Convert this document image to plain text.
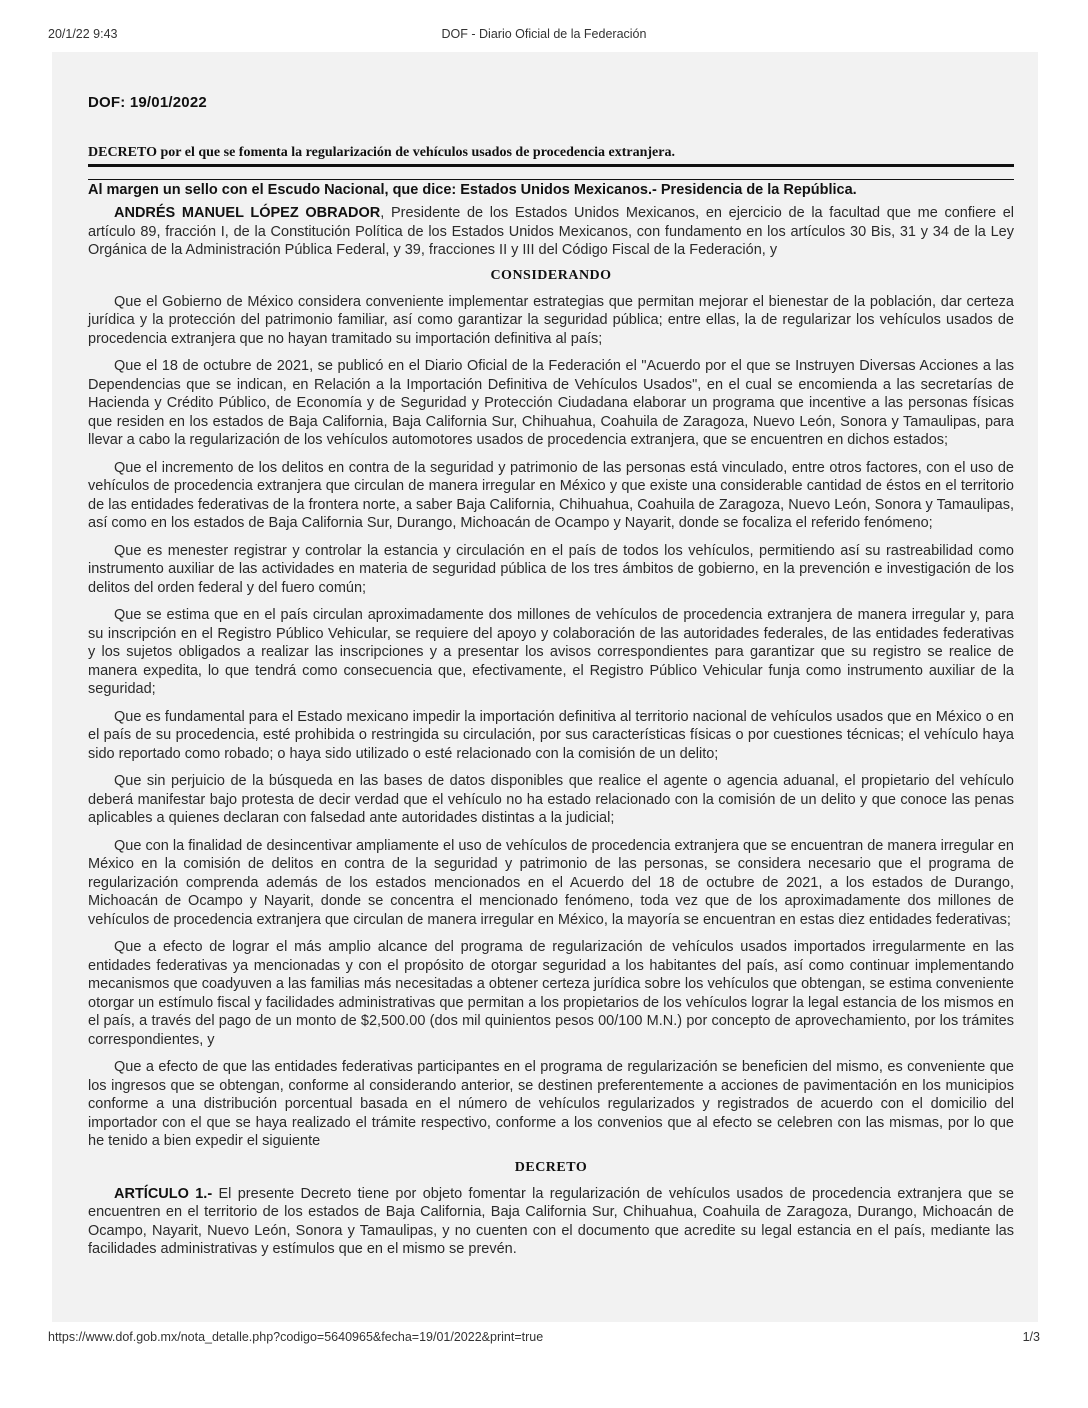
20/1/22 9:43	DOF - Diario Oficial de la Federación
DOF: 19/01/2022
DECRETO por el que se fomenta la regularización de vehículos usados de procedencia extranjera.
Al margen un sello con el Escudo Nacional, que dice: Estados Unidos Mexicanos.- Presidencia de la República.

ANDRÉS MANUEL LÓPEZ OBRADOR, Presidente de los Estados Unidos Mexicanos, en ejercicio de la facultad que me confiere el artículo 89, fracción I, de la Constitución Política de los Estados Unidos Mexicanos, con fundamento en los artículos 30 Bis, 31 y 34 de la Ley Orgánica de la Administración Pública Federal, y 39, fracciones II y III del Código Fiscal de la Federación, y

CONSIDERANDO

Que el Gobierno de México considera conveniente implementar estrategias que permitan mejorar el bienestar de la población, dar certeza jurídica y la protección del patrimonio familiar, así como garantizar la seguridad pública; entre ellas, la de regularizar los vehículos usados de procedencia extranjera que no hayan tramitado su importación definitiva al país;

Que el 18 de octubre de 2021, se publicó en el Diario Oficial de la Federación el "Acuerdo por el que se Instruyen Diversas Acciones a las Dependencias que se indican, en Relación a la Importación Definitiva de Vehículos Usados", en el cual se encomienda a las secretarías de Hacienda y Crédito Público, de Economía y de Seguridad y Protección Ciudadana elaborar un programa que incentive a las personas físicas que residen en los estados de Baja California, Baja California Sur, Chihuahua, Coahuila de Zaragoza, Nuevo León, Sonora y Tamaulipas, para llevar a cabo la regularización de los vehículos automotores usados de procedencia extranjera, que se encuentren en dichos estados;

Que el incremento de los delitos en contra de la seguridad y patrimonio de las personas está vinculado, entre otros factores, con el uso de vehículos de procedencia extranjera que circulan de manera irregular en México y que existe una considerable cantidad de éstos en el territorio de las entidades federativas de la frontera norte, a saber Baja California, Chihuahua, Coahuila de Zaragoza, Nuevo León, Sonora y Tamaulipas, así como en los estados de Baja California Sur, Durango, Michoacán de Ocampo y Nayarit, donde se focaliza el referido fenómeno;

Que es menester registrar y controlar la estancia y circulación en el país de todos los vehículos, permitiendo así su rastreabilidad como instrumento auxiliar de las actividades en materia de seguridad pública de los tres ámbitos de gobierno, en la prevención e investigación de los delitos del orden federal y del fuero común;

Que se estima que en el país circulan aproximadamente dos millones de vehículos de procedencia extranjera de manera irregular y, para su inscripción en el Registro Público Vehicular, se requiere del apoyo y colaboración de las autoridades federales, de las entidades federativas y los sujetos obligados a realizar las inscripciones y a presentar los avisos correspondientes para garantizar que su registro se realice de manera expedita, lo que tendrá como consecuencia que, efectivamente, el Registro Público Vehicular funja como instrumento auxiliar de la seguridad;

Que es fundamental para el Estado mexicano impedir la importación definitiva al territorio nacional de vehículos usados que en México o en el país de su procedencia, esté prohibida o restringida su circulación, por sus características físicas o por cuestiones técnicas; el vehículo haya sido reportado como robado; o haya sido utilizado o esté relacionado con la comisión de un delito;

Que sin perjuicio de la búsqueda en las bases de datos disponibles que realice el agente o agencia aduanal, el propietario del vehículo deberá manifestar bajo protesta de decir verdad que el vehículo no ha estado relacionado con la comisión de un delito y que conoce las penas aplicables a quienes declaran con falsedad ante autoridades distintas a la judicial;

Que con la finalidad de desincentivar ampliamente el uso de vehículos de procedencia extranjera que se encuentran de manera irregular en México en la comisión de delitos en contra de la seguridad y patrimonio de las personas, se considera necesario que el programa de regularización comprenda además de los estados mencionados en el Acuerdo del 18 de octubre de 2021, a los estados de Durango, Michoacán de Ocampo y Nayarit, donde se concentra el mencionado fenómeno, toda vez que de los aproximadamente dos millones de vehículos de procedencia extranjera que circulan de manera irregular en México, la mayoría se encuentran en estas diez entidades federativas;

Que a efecto de lograr el más amplio alcance del programa de regularización de vehículos usados importados irregularmente en las entidades federativas ya mencionadas y con el propósito de otorgar seguridad a los habitantes del país, así como continuar implementando mecanismos que coadyuven a las familias más necesitadas a obtener certeza jurídica sobre los vehículos que obtengan, se estima conveniente otorgar un estímulo fiscal y facilidades administrativas que permitan a los propietarios de los vehículos lograr la legal estancia de los mismos en el país, a través del pago de un monto de $2,500.00 (dos mil quinientos pesos 00/100 M.N.) por concepto de aprovechamiento, por los trámites correspondientes, y

Que a efecto de que las entidades federativas participantes en el programa de regularización se beneficien del mismo, es conveniente que los ingresos que se obtengan, conforme al considerando anterior, se destinen preferentemente a acciones de pavimentación en los municipios conforme a una distribución porcentual basada en el número de vehículos regularizados y registrados de acuerdo con el domicilio del importador con el que se haya realizado el trámite respectivo, conforme a los convenios que al efecto se celebren con las mismas, por lo que he tenido a bien expedir el siguiente

DECRETO

ARTÍCULO 1.- El presente Decreto tiene por objeto fomentar la regularización de vehículos usados de procedencia extranjera que se encuentren en el territorio de los estados de Baja California, Baja California Sur, Chihuahua, Coahuila de Zaragoza, Durango, Michoacán de Ocampo, Nayarit, Nuevo León, Sonora y Tamaulipas, y no cuenten con el documento que acredite su legal estancia en el país, mediante las facilidades administrativas y estímulos que en el mismo se prevén.

https://www.dof.gob.mx/nota_detalle.php?codigo=5640965&fecha=19/01/2022&print=true	1/3
